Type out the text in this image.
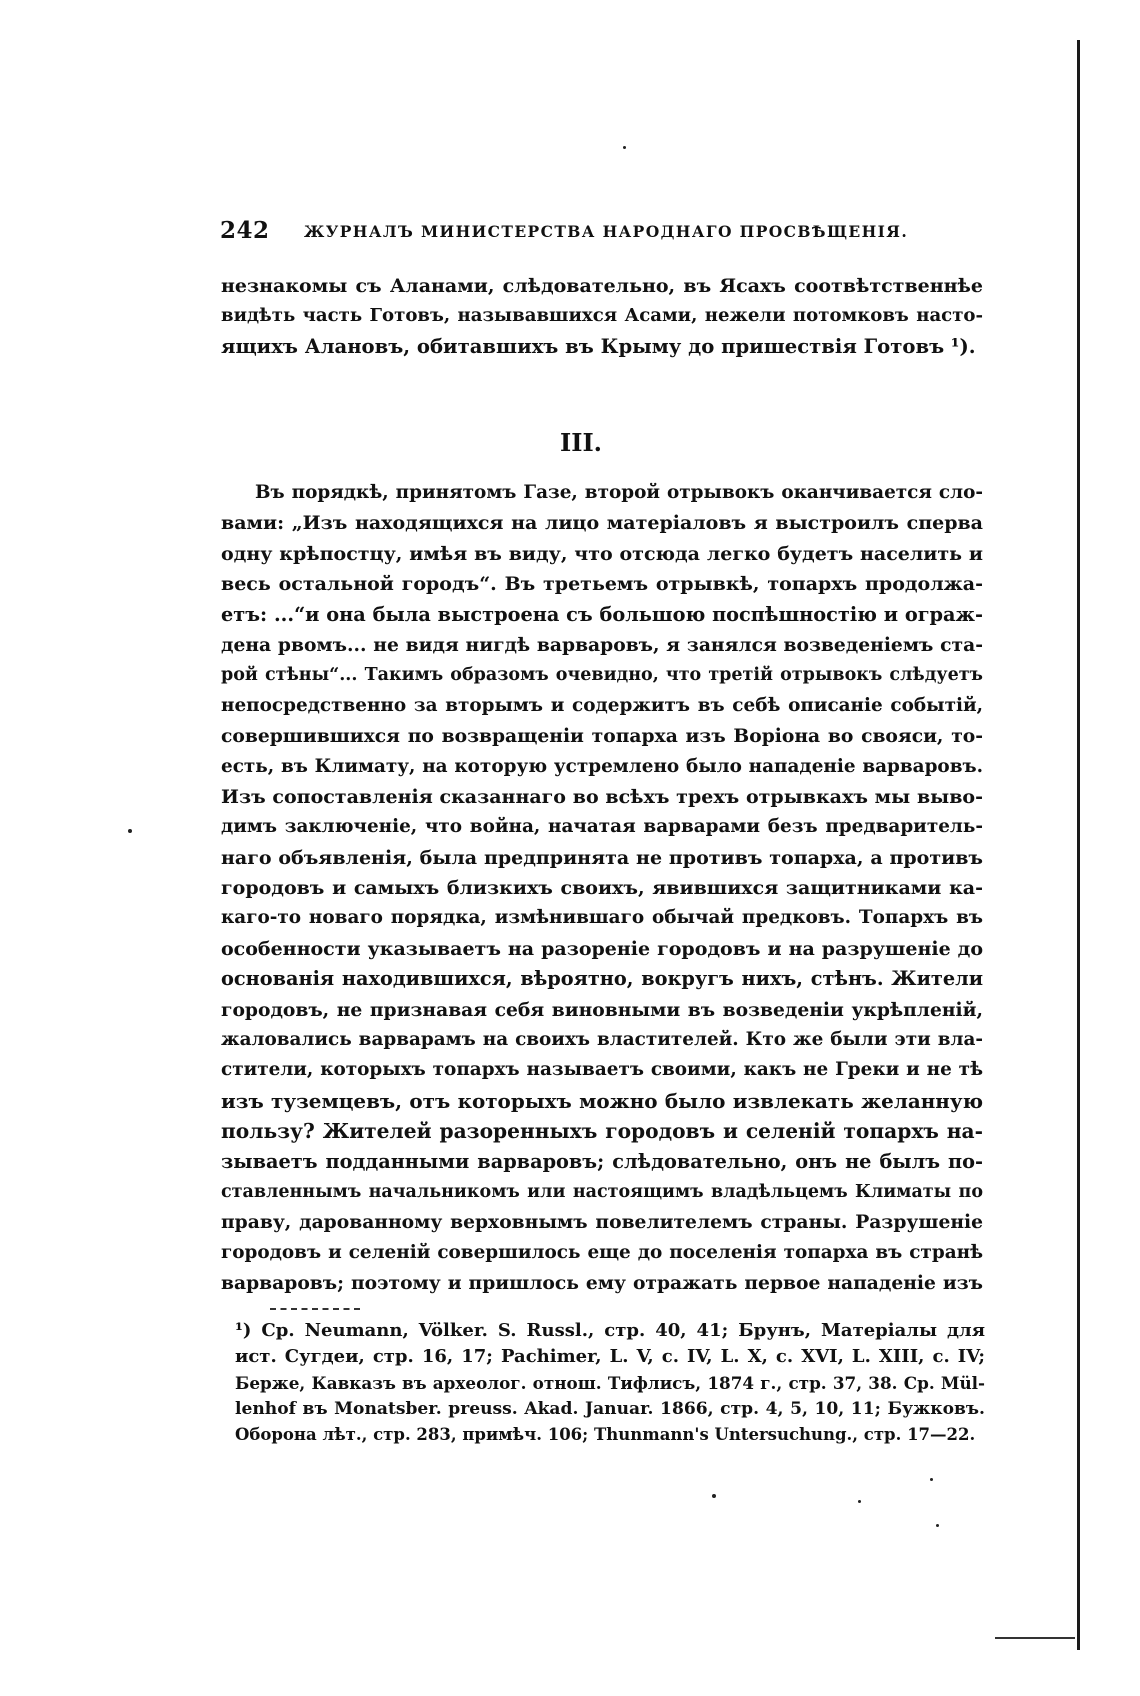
242 ЖУРНАЛЪ МИНИСТЕРСТВА НАРОДНАГО ПРОСВѢЩЕНІЯ.
незнакомы съ Аланами, слѣдовательно, въ Ясахъ соотвѣтственнѣе
видѣть часть Готовъ, называвшихся Асами, нежели потомковъ насто-
ящихъ Алановъ, обитавшихъ въ Крыму до пришествія Готовъ ¹).
III.
Въ порядкѣ, принятомъ Газе, второй отрывокъ оканчивается сло-
вами: „Изъ находящихся на лицо матеріаловъ я выстроилъ сперва
одну крѣпостцу, имѣя въ виду, что отсюда легко будетъ населить и
весь остальной городъ“. Въ третьемъ отрывкѣ, топархъ продолжа-
етъ: ...“и она была выстроена съ большою поспѣшностію и ограж-
дена рвомъ... не видя нигдѣ варваровъ, я занялся возведеніемъ ста-
рой стѣны“... Такимъ образомъ очевидно, что третій отрывокъ слѣдуетъ
непосредственно за вторымъ и содержитъ въ себѣ описаніе событій,
совершившихся по возвращеніи топарха изъ Воріона во свояси, то-
есть, въ Климату, на которую устремлено было нападеніе варваровъ.
Изъ сопоставленія сказаннаго во всѣхъ трехъ отрывкахъ мы выво-
димъ заключеніе, что война, начатая варварами безъ предваритель-
наго объявленія, была предпринята не противъ топарха, а противъ
городовъ и самыхъ близкихъ своихъ, явившихся защитниками ка-
каго-то новаго порядка, измѣнившаго обычай предковъ. Топархъ въ
особенности указываетъ на разореніе городовъ и на разрушеніе до
основанія находившихся, вѣроятно, вокругъ нихъ, стѣнъ. Жители
городовъ, не признавая себя виновными въ возведеніи укрѣпленій,
жаловались варварамъ на своихъ властителей. Кто же были эти вла-
стители, которыхъ топархъ называетъ своими, какъ не Греки и не тѣ
изъ туземцевъ, отъ которыхъ можно было извлекать желанную
пользу? Жителей разоренныхъ городовъ и селеній топархъ на-
зываетъ подданными варваровъ; слѣдовательно, онъ не былъ по-
ставленнымъ начальникомъ или настоящимъ владѣльцемъ Климаты по
праву, дарованному верховнымъ повелителемъ страны. Разрушеніе
городовъ и селеній совершилось еще до поселенія топарха въ странѣ
варваровъ; поэтому и пришлось ему отражать первое нападеніе изъ
¹) Ср. Neumann, Völker. S. Russl., стр. 40, 41; Брунъ, Матеріалы для
ист. Сугдеи, стр. 16, 17; Pachimer, L. V, c. IV, L. X, c. XVI, L. XIII, c. IV;
Берже, Кавказъ въ археолог. отнош. Тифлисъ, 1874 г., стр. 37, 38. Ср. Mül-
lenhof въ Monatsber. preuss. Akad. Januar. 1866, стр. 4, 5, 10, 11; Бужковъ.
Оборона лѣт., стр. 283, примѣч. 106; Thunmann's Untersuchung., стр. 17—22.
